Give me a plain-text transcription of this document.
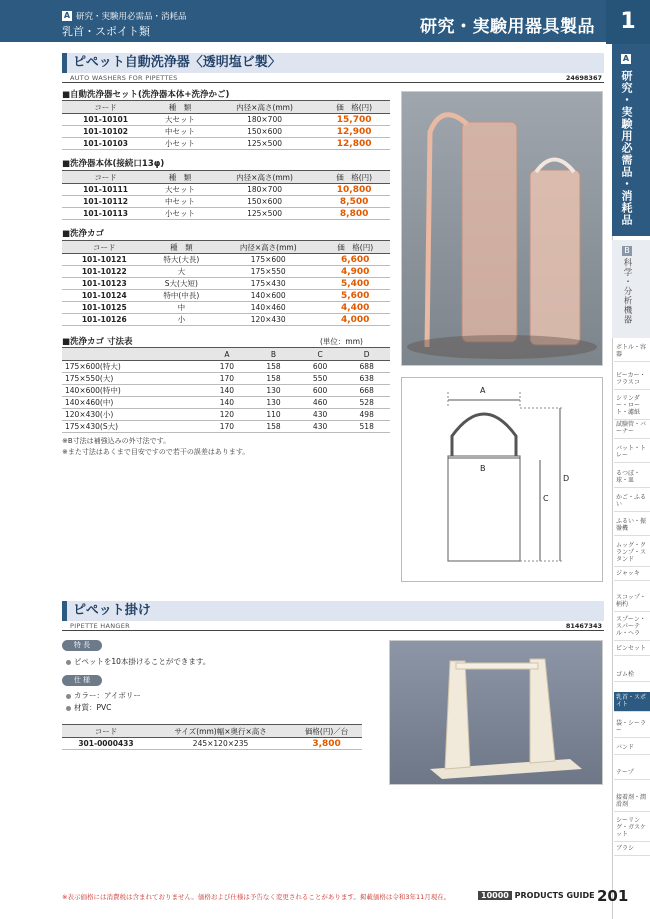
A 研究・実験用必需品・消耗品
乳首・スポイト類	研究・実験用器具製品	1
ピペット自動洗浄器〈透明塩ビ製〉
AUTO WASHERS FOR PIPETTES	24698367
■自動洗浄器セット(洗浄器本体+洗浄かご)
コード	種　類	内径×高さ(mm)	価　格(円)
101-10101	大セット	180×700	15,700
101-10102	中セット	150×600	12,900
101-10103	小セット	125×500	12,800
■洗浄器本体(接続口13φ)
コード	種　類	内径×高さ(mm)	価　格(円)
101-10111	大セット	180×700	10,800
101-10112	中セット	150×600	8,500
101-10113	小セット	125×500	8,800
■洗浄カゴ
コード	種　類	内径×高さ(mm)	価　格(円)
101-10121	特大(大長)	175×600	6,600
101-10122	大	175×550	4,900
101-10123	S大(大短)	175×430	5,400
101-10124	特中(中長)	140×600	5,600
101-10125	中	140×460	4,400
101-10126	小	120×430	4,000
■洗浄カゴ 寸法表	(単位：mm)
	A	B	C	D
175×600(特大)	170	158	600	688
175×550(大)	170	158	550	638
140×600(特中)	140	130	600	668
140×460(中)	140	130	460	528
120×430(小)	120	110	430	498
175×430(S大)	170	158	430	518
※B寸法は補強込みの外寸法です。
※また寸法はあくまで目安ですので若干の誤差はあります。
A
B
C
D
ピペット掛け
PIPETTE HANGER	81467343
特 長
ピペットを10本掛けることができます。
仕 様
カラー：アイボリー
材質：PVC
コード	サイズ(mm)幅×奥行×高さ	価格(円)／台
301-0000433	245×120×235	3,800
A
研究・実験用必需品・消耗品
B
科学・分析機器
ボトル・容器
ビーカー・フラスコ
シリンダー・ロート・濾紙
試験管・バーナー
バット・トレー
るつぼ・球・皿
かご・ふるい
ふるい・振盪機
ムッグ・クランプ・スタンド
ジャッキ
スコップ・柄杓
スプーン・スパーテル・ヘラ
ピンセット
ゴム栓
乳首・スポイト
袋・シーラー
バンド
テープ
接着剤・潤滑剤
シーリング・ガスケット
ブラシ
※表示価格には消費税は含まれておりません。価格および仕様は予告なく変更されることがあります。掲載価格は令和3年11月現在。	10000 PRODUCTS GUIDE 201
